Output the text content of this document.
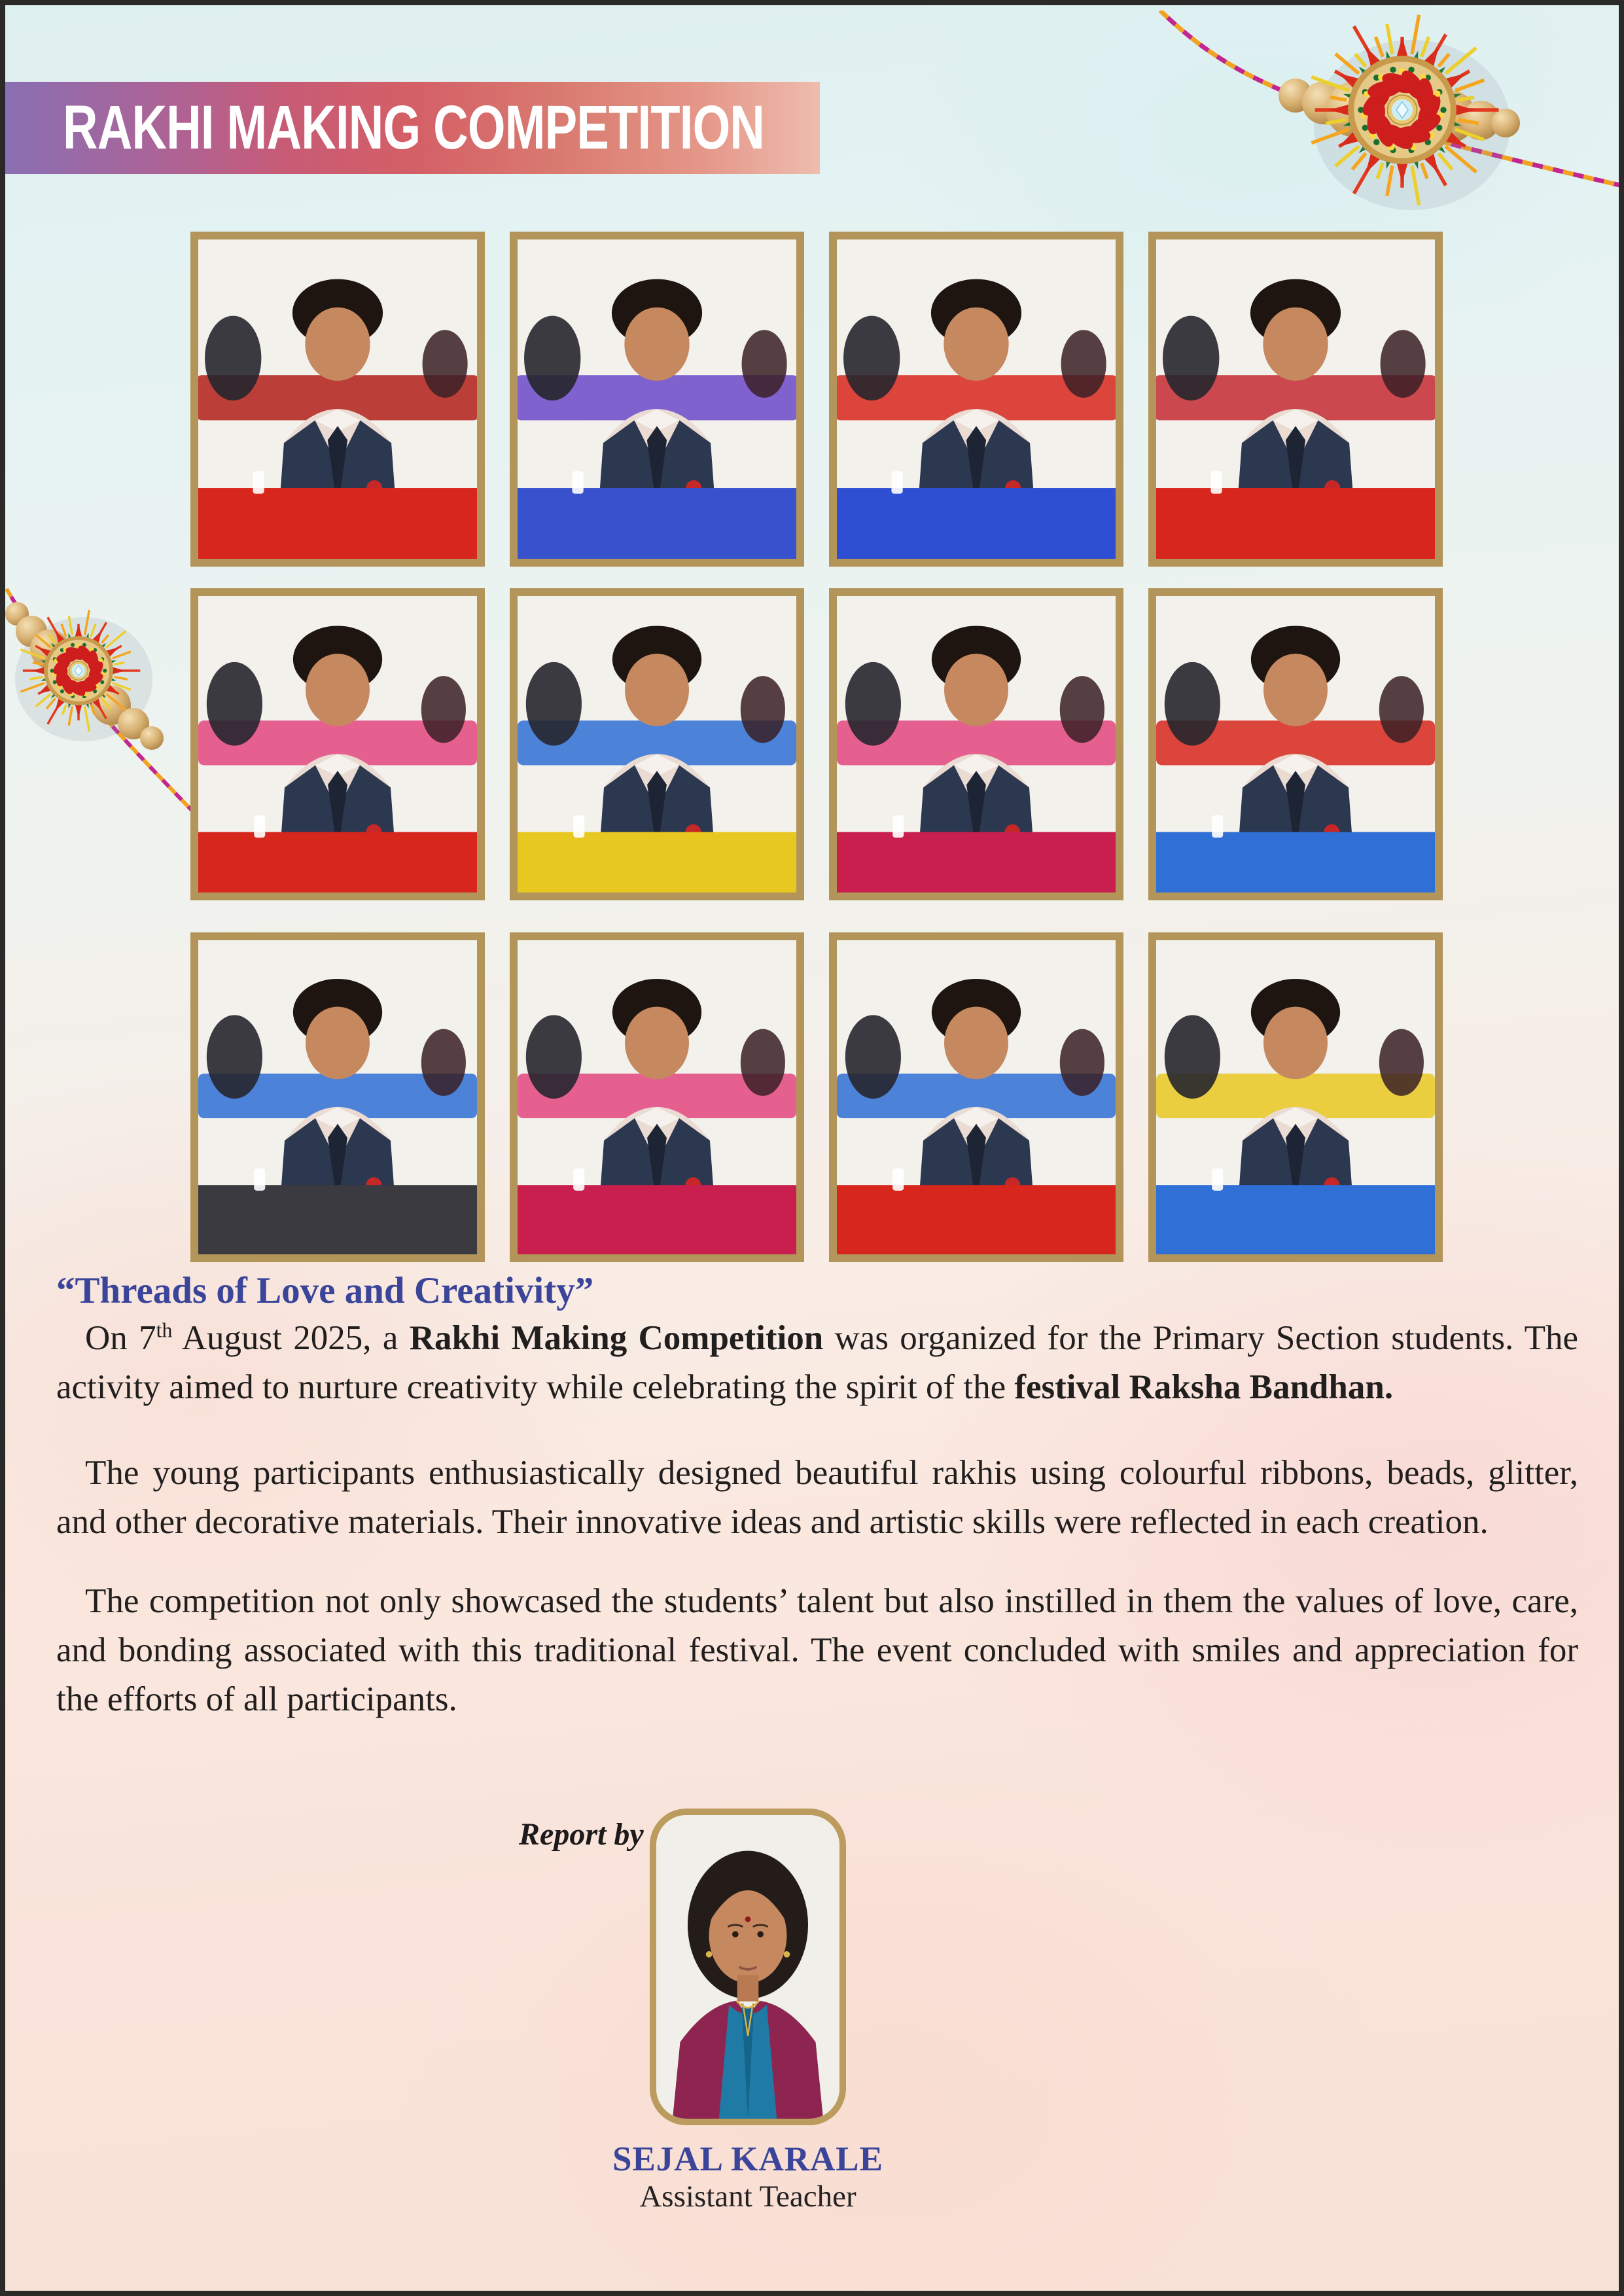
RAKHI MAKING COMPETITION
“Threads of Love and Creativity”

On 7th August 2025, a Rakhi Making Competition was organized for the Primary Section students. The activity aimed to nurture creativity while celebrating the spirit of the festival Raksha Bandhan.

The young participants enthusiastically designed beautiful rakhis using colourful ribbons, beads, glitter, and other decorative materials. Their innovative ideas and artistic skills were reflected in each creation.

The competition not only showcased the students’ talent but also instilled in them the values of love, care, and bonding associated with this traditional festival. The event concluded with smiles and appreciation for the efforts of all participants.

Report by
SEJAL KARALE
Assistant Teacher
